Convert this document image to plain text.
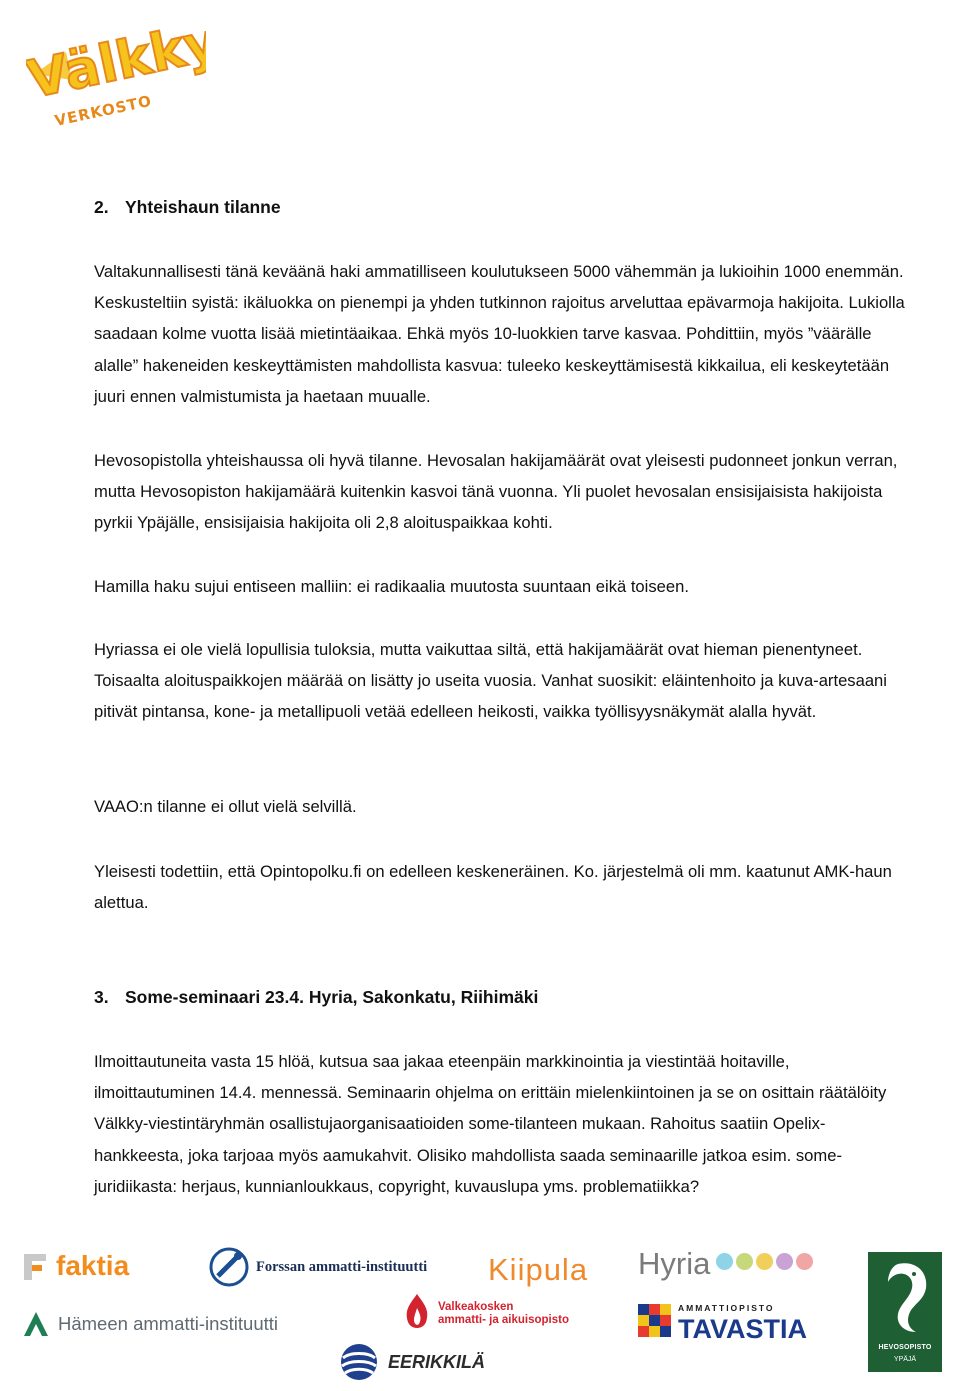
Välkky
VERKOSTO
2. Yhteishaun tilanne

Valtakunnallisesti tänä keväänä haki ammatilliseen koulutukseen 5000 vähemmän ja lukioihin 1000 enemmän. Keskusteltiin syistä: ikäluokka on pienempi ja yhden tutkinnon rajoitus arveluttaa epävarmoja hakijoita. Lukiolla saadaan kolme vuotta lisää mietintäaikaa. Ehkä myös 10-luokkien tarve kasvaa. Pohdittiin, myös ”väärälle alalle” hakeneiden keskeyttämisten mahdollista kasvua: tuleeko keskeyttämisestä kikkailua, eli keskeytetään juuri ennen valmistumista ja haetaan muualle.

Hevosopistolla yhteishaussa oli hyvä tilanne. Hevosalan hakijamäärät ovat yleisesti pudonneet jonkun verran, mutta Hevosopiston hakijamäärä kuitenkin kasvoi tänä vuonna. Yli puolet hevosalan ensisijaisista hakijoista pyrkii Ypäjälle, ensisijaisia hakijoita oli 2,8 aloituspaikkaa kohti.

Hamilla haku sujui entiseen malliin: ei radikaalia muutosta suuntaan eikä toiseen.

Hyriassa ei ole vielä lopullisia tuloksia, mutta vaikuttaa siltä, että hakijamäärät ovat hieman pienentyneet. Toisaalta aloituspaikkojen määrää on lisätty jo useita vuosia. Vanhat suosikit: eläintenhoito ja kuva-artesaani pitivät pintansa, kone- ja metallipuoli vetää edelleen heikosti, vaikka työllisyysnäkymät alalla hyvät.

VAAO:n tilanne ei ollut vielä selvillä.

Yleisesti todettiin, että Opintopolku.fi on edelleen keskeneräinen. Ko. järjestelmä oli mm. kaatunut AMK-haun alettua.

3. Some-seminaari 23.4. Hyria, Sakonkatu, Riihimäki

Ilmoittautuneita vasta 15 hlöä, kutsua saa jakaa eteenpäin markkinointia ja viestintää hoitaville, ilmoittautuminen 14.4. mennessä. Seminaarin ohjelma on erittäin mielenkiintoinen ja se on osittain räätälöity Välkky-viestintäryhmän osallistujaorganisaatioiden some-tilanteen mukaan. Rahoitus saatiin Opelix-hankkeesta, joka tarjoaa myös aamukahvit. Olisiko mahdollista saada seminaarille jatkoa esim. some-juridiikasta: herjaus, kunnianloukkaus, copyright, kuvauslupa yms. problematiikka?

faktia	Forssan ammatti-instituutti Kiipula Hyria
Hämeen ammatti-instituutti
Valkeakosken
ammatti- ja aikuisopisto
AMMATTIOPISTO
TAVASTIA
EERIKKILÄ
HEVOSOPISTO
YPÄJÄ
